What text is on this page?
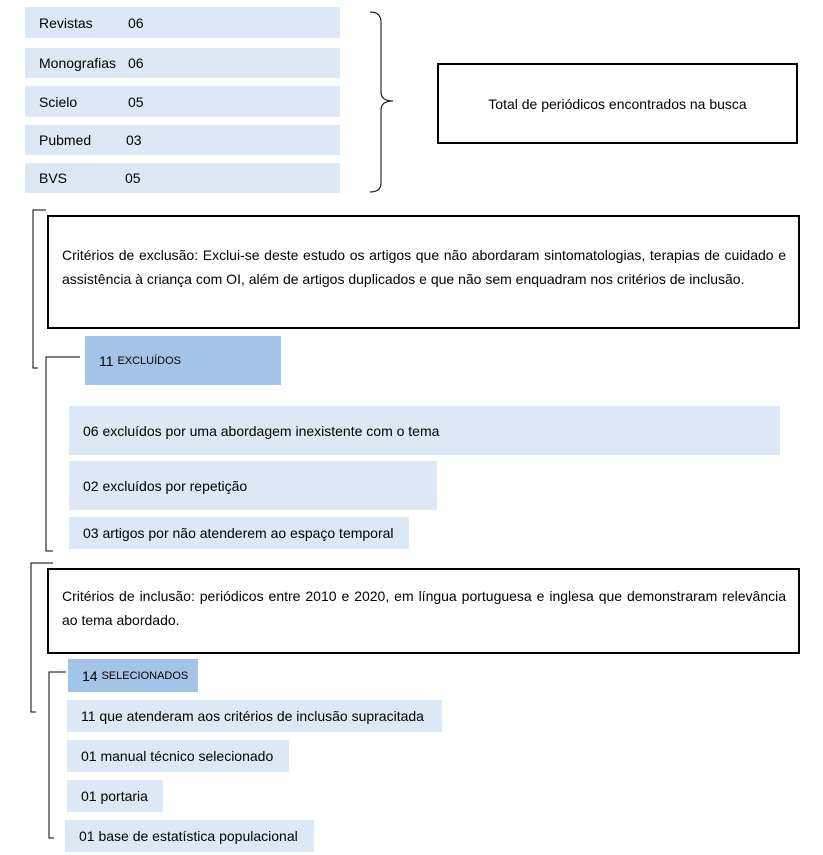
Revistas	06
Monografias 06
Scielo	05
Pubmed	03
BVS	05
Total de periódicos encontrados na busca
Critérios de exclusão: Exclui-se deste estudo os artigos que não abordaram sintomatologias, terapias de cuidado e assistência à criança com OI, além de artigos duplicados e que não sem enquadram nos critérios de inclusão.
11
EXCLUÍDOS
06 excluídos por uma abordagem inexistente com o tema
02 excluídos por repetição
03 artigos por não atenderem ao espaço temporal
Critérios de inclusão: periódicos entre 2010 e 2020, em língua portuguesa e inglesa que demonstraram relevância ao tema abordado.
14
SELECIONADOS
11 que atenderam aos critérios de inclusão supracitada
01 manual técnico selecionado
01 portaria
01 base de estatística populacional
